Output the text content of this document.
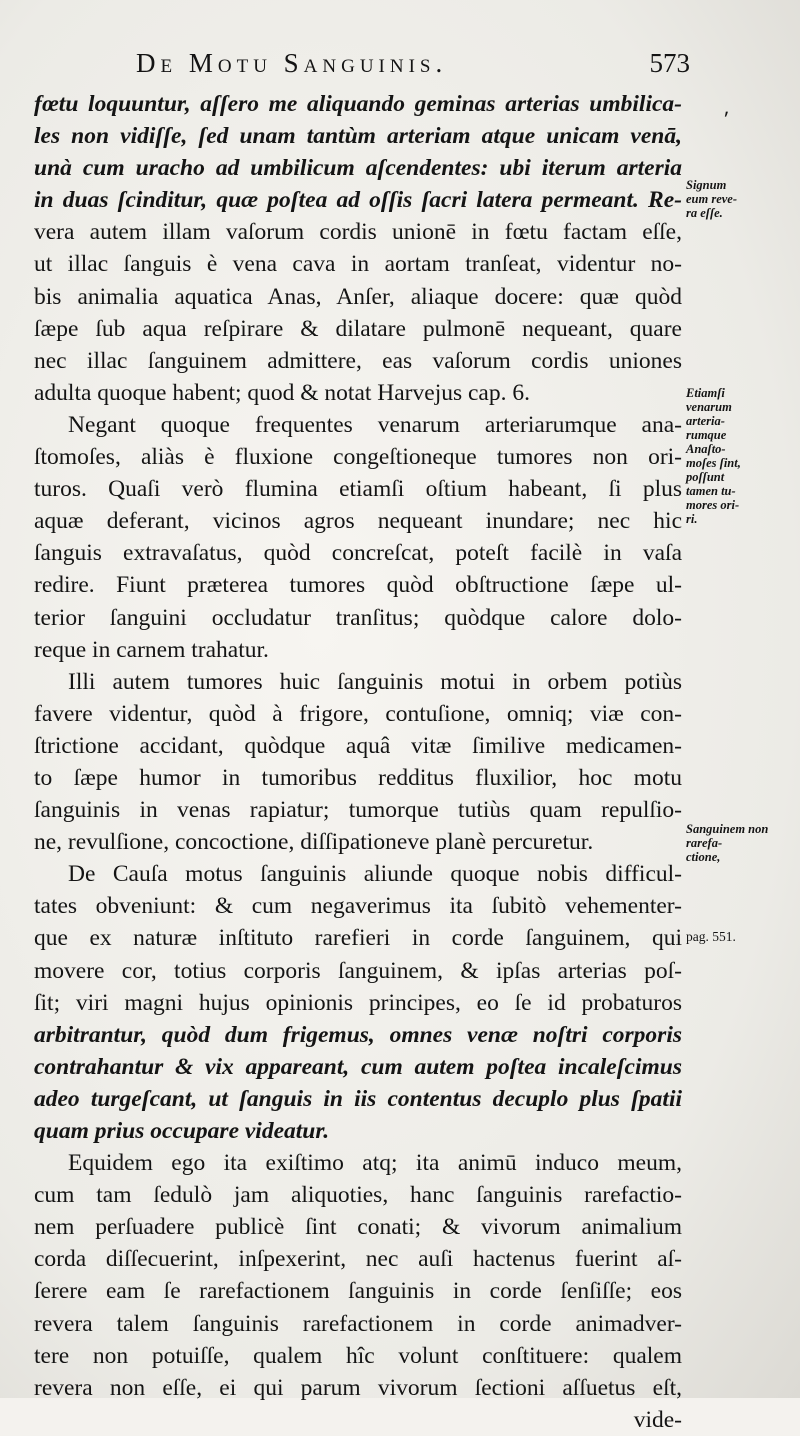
De Motu Sanguinis.	573
⸴
fœtu loquuntur, aſſero me aliquando geminas arterias umbilica-
les non vidiſſe, ſed unam tantùm arteriam atque unicam venā,
unà cum uracho ad umbilicum aſcendentes: ubi iterum arteria
in duas ſcinditur, quæ poſtea ad oſſis ſacri latera permeant. Re-
vera autem illam vaſorum cordis unionē in fœtu factam eſſe,
ut illac ſanguis è vena cava in aortam tranſeat, videntur no-
bis animalia aquatica Anas, Anſer, aliaque docere: quæ quòd
ſæpe ſub aqua reſpirare & dilatare pulmonē nequeant, quare
nec illac ſanguinem admittere, eas vaſorum cordis uniones
adulta quoque habent; quod & notat Harvejus cap. 6.
Negant quoque frequentes venarum arteriarumque ana-
ſtomoſes, aliàs è fluxione congeſtioneque tumores non ori-
turos. Quaſi verò flumina etiamſi oſtium habeant, ſi plus
aquæ deferant, vicinos agros nequeant inundare; nec hic
ſanguis extravaſatus, quòd concreſcat, poteſt facilè in vaſa
redire. Fiunt præterea tumores quòd obſtructione ſæpe ul-
terior ſanguini occludatur tranſitus; quòdque calore dolo-
reque in carnem trahatur.
Illi autem tumores huic ſanguinis motui in orbem potiùs
favere videntur, quòd à frigore, contuſione, omniq; viæ con-
ſtrictione accidant, quòdque aquâ vitæ ſimilive medicamen-
to ſæpe humor in tumoribus redditus fluxilior, hoc motu
ſanguinis in venas rapiatur; tumorque tutiùs quam repulſio-
ne, revulſione, concoctione, diſſipationeve planè percuretur.
De Cauſa motus ſanguinis aliunde quoque nobis difficul-
tates obveniunt: & cum negaverimus ita ſubitò vehementer-
que ex naturæ inſtituto rarefieri in corde ſanguinem, qui
movere cor, totius corporis ſanguinem, & ipſas arterias poſ-
ſit; viri magni hujus opinionis principes, eo ſe id probaturos
arbitrantur, quòd dum frigemus, omnes venæ noſtri corporis
contrahantur & vix appareant, cum autem poſtea incaleſcimus
adeo turgeſcant, ut ſanguis in iis contentus decuplo plus ſpatii
quam prius occupare videatur.
Equidem ego ita exiſtimo atq; ita animū induco meum,
cum tam ſedulò jam aliquoties, hanc ſanguinis rarefactio-
nem perſuadere publicè ſint conati; & vivorum animalium
corda diſſecuerint, inſpexerint, nec auſi hactenus fuerint aſ-
ſerere eam ſe rarefactionem ſanguinis in corde ſenſiſſe; eos
revera talem ſanguinis rarefactionem in corde animadver-
tere non potuiſſe, qualem hîc volunt conſtituere: qualem
revera non eſſe, ei qui parum vivorum ſectioni aſſuetus eſt,
vide-
Signum
eum reve-
ra eſſe.
Etiamſi
venarum
arteria-
rumque
Anaſto-
moſes ſint,
poſſunt
tamen tu-
mores ori-
ri.
Sanguinem non
rarefa-
ctione,
pag. 551.
